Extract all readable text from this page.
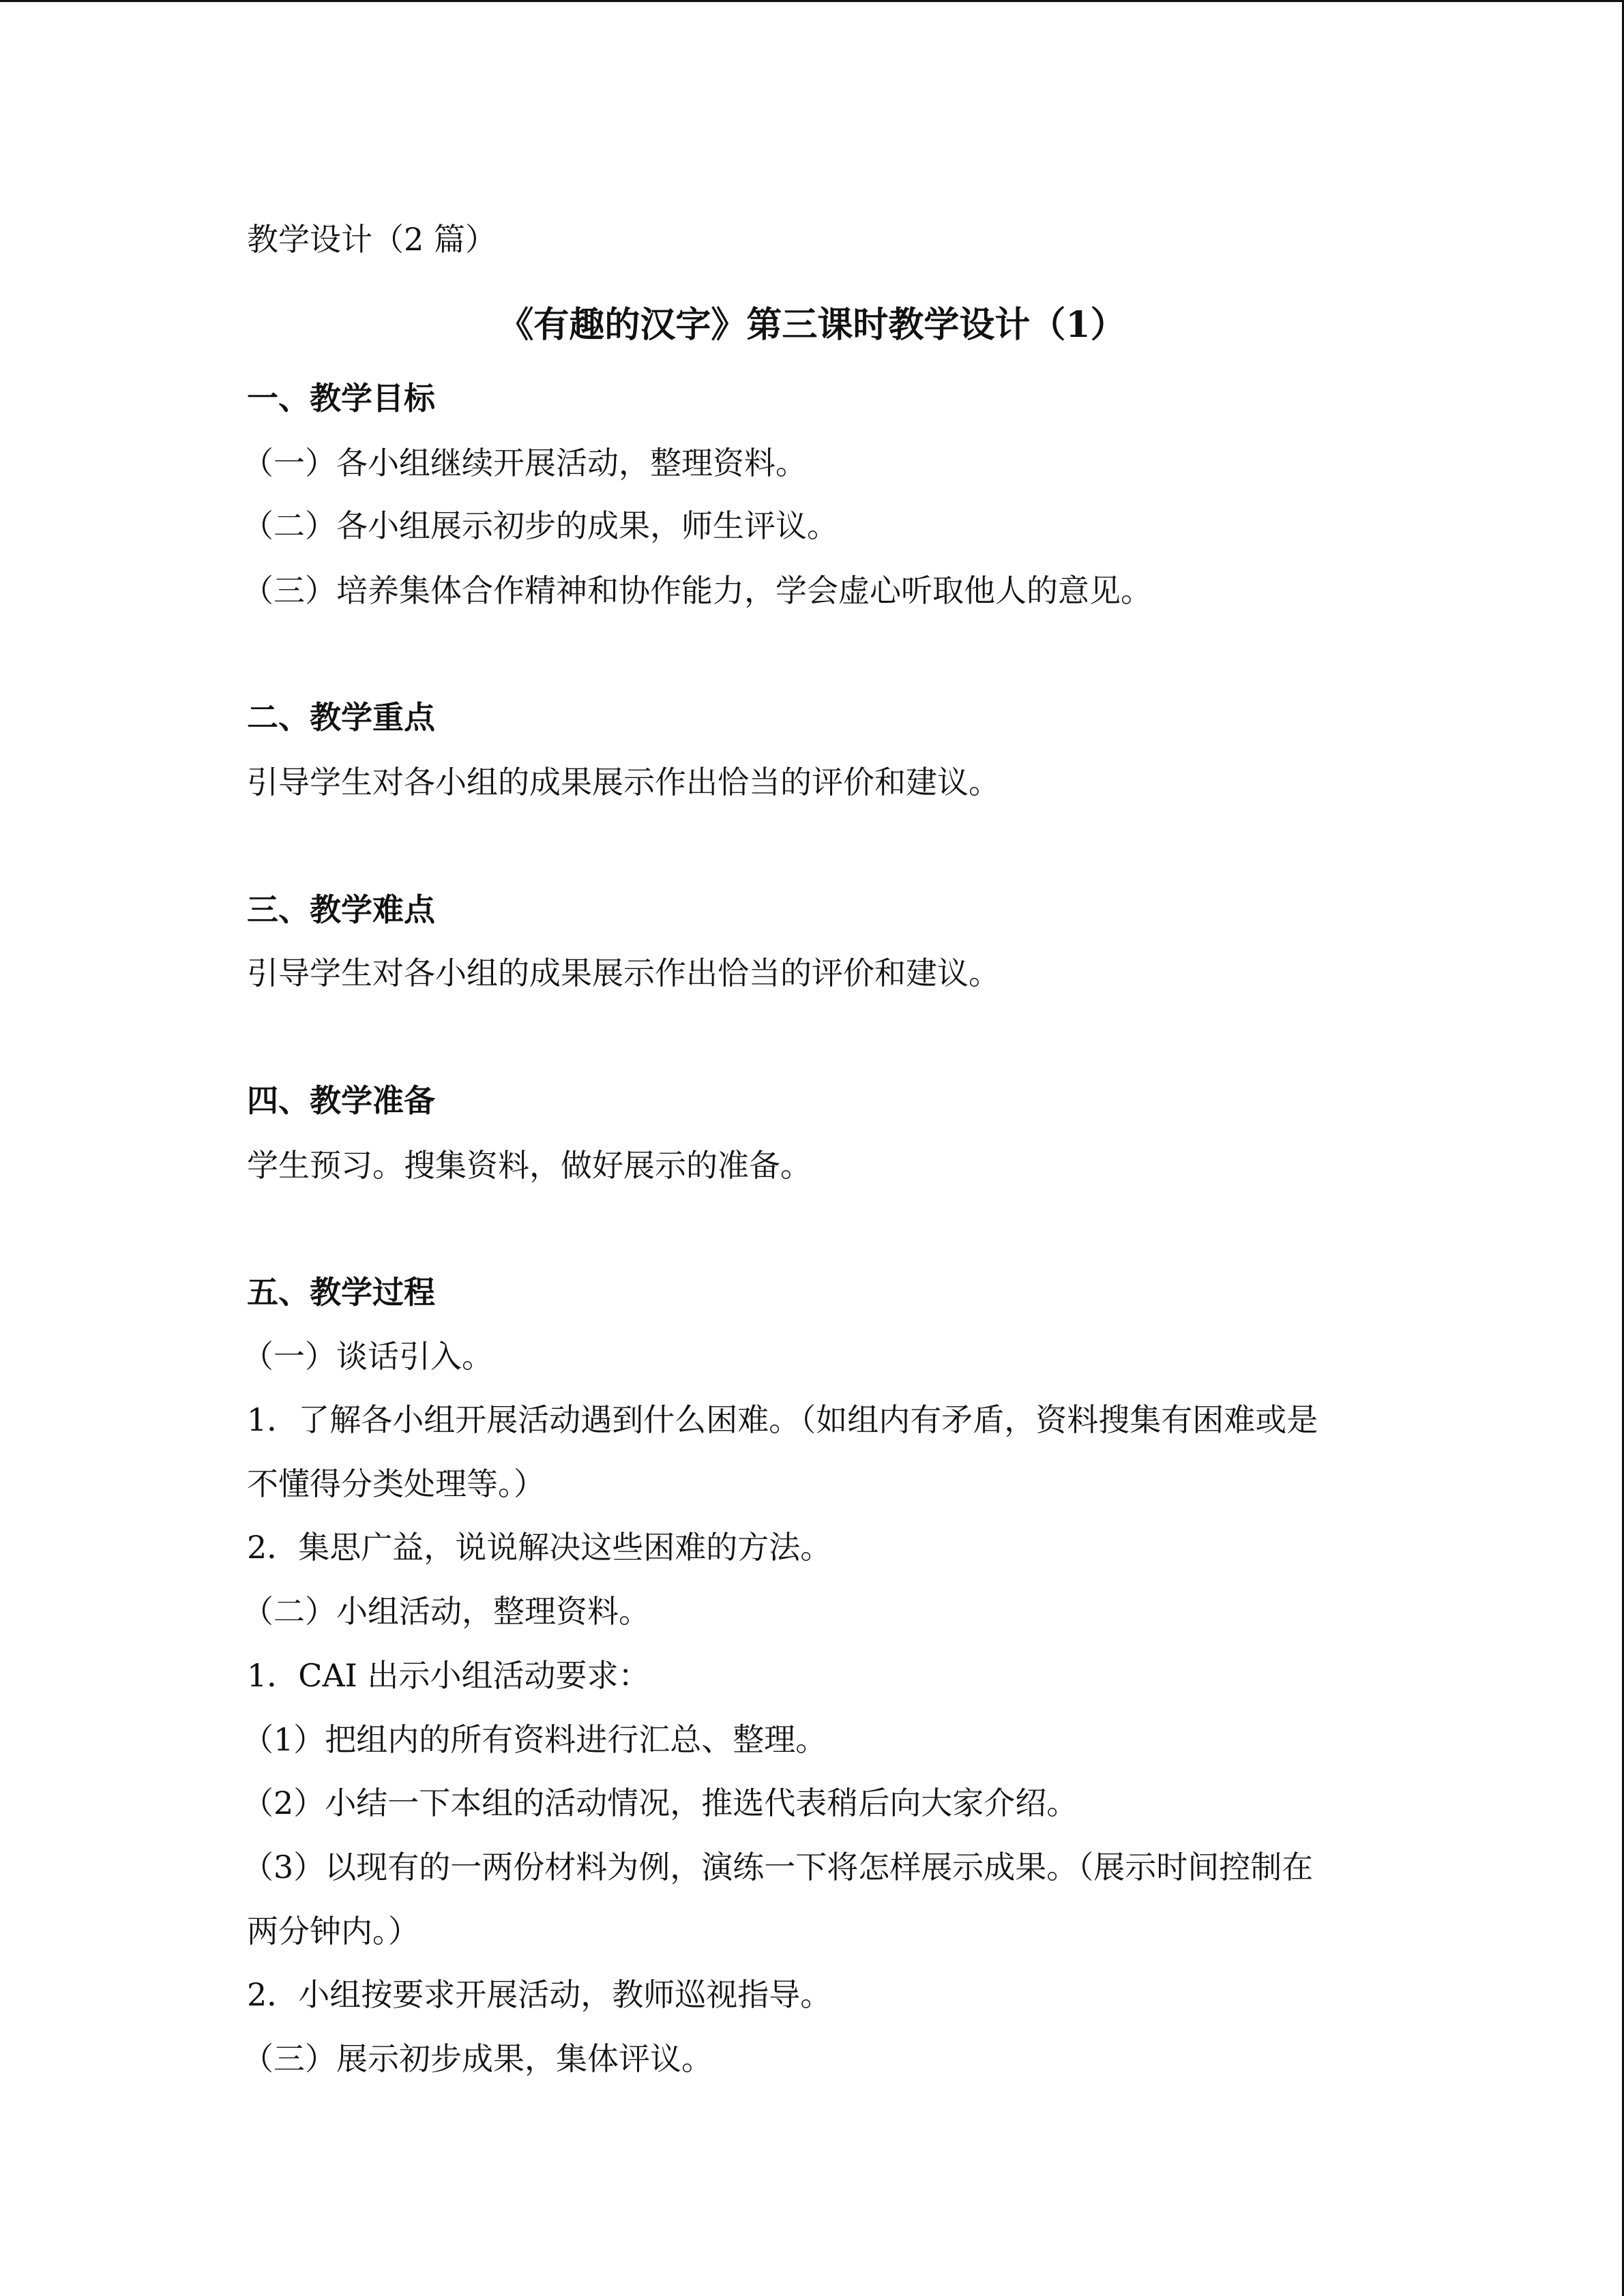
教学设计（2 篇）

《有趣的汉字》第三课时教学设计（1）

一、教学目标

（一）各小组继续开展活动，整理资料。

（二）各小组展示初步的成果，师生评议。

（三）培养集体合作精神和协作能力，学会虚心听取他人的意见。

二、教学重点

引导学生对各小组的成果展示作出恰当的评价和建议。

三、教学难点

引导学生对各小组的成果展示作出恰当的评价和建议。

四、教学准备

学生预习。搜集资料，做好展示的准备。

五、教学过程

（一）谈话引入。

1．了解各小组开展活动遇到什么困难。（如组内有矛盾，资料搜集有困难或是

不懂得分类处理等。）

2．集思广益，说说解决这些困难的方法。

（二）小组活动，整理资料。

1．CAI 出示小组活动要求：

（1）把组内的所有资料进行汇总、整理。

（2）小结一下本组的活动情况，推选代表稍后向大家介绍。

（3）以现有的一两份材料为例，演练一下将怎样展示成果。（展示时间控制在

两分钟内。）

2．小组按要求开展活动，教师巡视指导。

（三）展示初步成果，集体评议。
